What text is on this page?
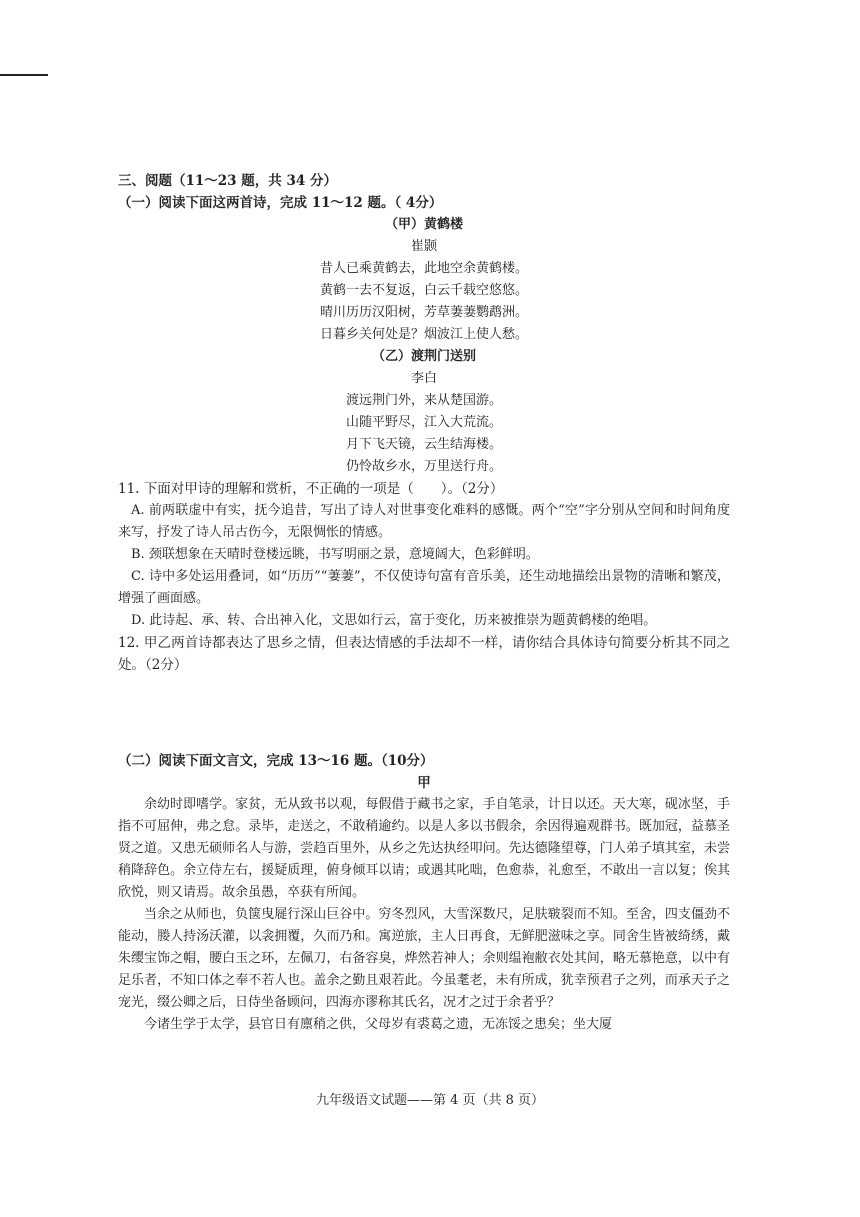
三、阅题（11～23 题，共 34 分）
（一）阅读下面这两首诗，完成 11～12 题。（ 4分）
（甲）黄鹤楼
崔颢
昔人已乘黄鹤去，此地空余黄鹤楼。
黄鹤一去不复返，白云千载空悠悠。
晴川历历汉阳树，芳草萋萋鹦鹉洲。
日暮乡关何处是？烟波江上使人愁。
（乙）渡荆门送别
李白
渡远荆门外，来从楚国游。
山随平野尽，江入大荒流。
月下飞天镜，云生结海楼。
仍怜故乡水，万里送行舟。
11. 下面对甲诗的理解和赏析，不正确的一项是（　　）。（2分）
A. 前两联虚中有实，抚今追昔，写出了诗人对世事变化难料的感慨。两个“空”字分别从空间和时间角度来写，抒发了诗人吊古伤今，无限惆怅的情感。
B. 颈联想象在天晴时登楼远眺，书写明丽之景，意境阔大，色彩鲜明。
C. 诗中多处运用叠词，如“历历”“萋萋”，不仅使诗句富有音乐美，还生动地描绘出景物的清晰和繁茂，增强了画面感。
D. 此诗起、承、转、合出神入化，文思如行云，富于变化，历来被推崇为题黄鹤楼的绝唱。
12. 甲乙两首诗都表达了思乡之情，但表达情感的手法却不一样，请你结合具体诗句简要分析其不同之处。（2分）
（二）阅读下面文言文，完成 13～16 题。（10分）
甲

余幼时即嗜学。家贫，无从致书以观，每假借于藏书之家，手自笔录，计日以还。天大寒，砚冰坚，手指不可屈伸，弗之怠。录毕，走送之，不敢稍逾约。以是人多以书假余，余因得遍观群书。既加冠，益慕圣贤之道。又患无硕师名人与游，尝趋百里外，从乡之先达执经叩问。先达德隆望尊，门人弟子填其室，未尝稍降辞色。余立侍左右，援疑质理，俯身倾耳以请；或遇其叱咄，色愈恭，礼愈至，不敢出一言以复；俟其欣悦，则又请焉。故余虽愚，卒获有所闻。

当余之从师也，负箧曳屣行深山巨谷中。穷冬烈风，大雪深数尺，足肤皲裂而不知。至舍，四支僵劲不能动，媵人持汤沃灌，以衾拥覆，久而乃和。寓逆旅，主人日再食，无鲜肥滋味之享。同舍生皆被绮绣，戴朱缨宝饰之帽，腰白玉之环，左佩刀，右备容臭，烨然若神人；余则缊袍敝衣处其间，略无慕艳意，以中有足乐者，不知口体之奉不若人也。盖余之勤且艰若此。今虽耄老，未有所成，犹幸预君子之列，而承天子之宠光，缀公卿之后，日侍坐备顾问，四海亦谬称其氏名，况才之过于余者乎？

今诸生学于太学，县官日有廪稍之供，父母岁有裘葛之遗，无冻馁之患矣；坐大厦

九年级语文试题——第 4 页（共 8 页）
